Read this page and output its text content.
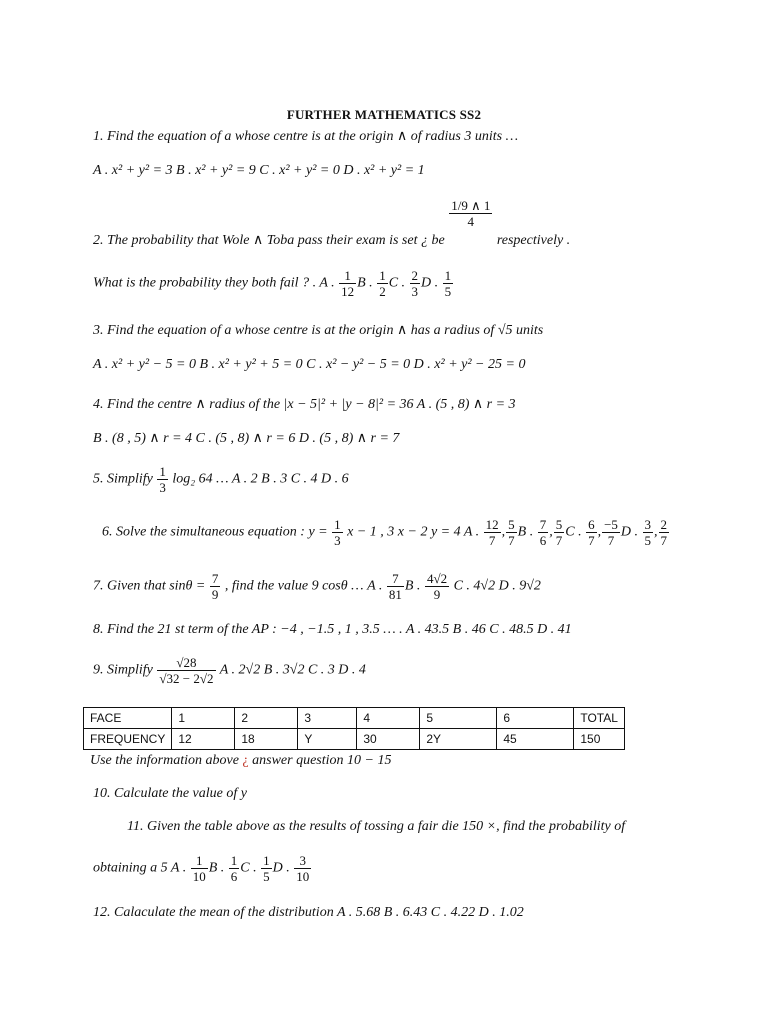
FURTHER MATHEMATICS SS2
1. Find the equation of a whose centre is at the origin ∧ of radius 3 units …
A . x² + y² = 3 B . x² + y² = 9 C . x² + y² = 0 D . x² + y² = 1
2. The probability that Wole ∧ Toba pass their exam is set ¿ be
$\frac{1/9 \wedge 1}{4}$
respectively .
What is the probability they both fail ? . A . $\frac{1}{12}$ B . $\frac{1}{2}$ C . $\frac{2}{3}$ D . $\frac{1}{5}$
3. Find the equation of a whose centre is at the origin ∧ has a radius of √5 units
A . x² + y² − 5 = 0 B . x² + y² + 5 = 0 C . x² − y² − 5 = 0 D . x² + y² − 25 = 0
4. Find the centre ∧ radius of the |x − 5|² + |y − 8|² = 36 A . (5 , 8) ∧ r = 3
B . (8 , 5) ∧ r = 4 C . (5 , 8) ∧ r = 6 D . (5 , 8) ∧ r = 7
5. Simplify $\frac{1}{3} \log_2$ 64 … A . 2 B . 3 C . 4 D . 6
6. Solve the simultaneous equation : $y = \frac{1}{3}$ x − 1 , 3 x − 2 y = 4 A . $\frac{12}{7}$ , $\frac{5}{7}$ B . $\frac{7}{6}$ , $\frac{5}{7}$ C . $\frac{6}{7}$ , $\frac{-5}{7}$ D . $\frac{3}{5}$ , $\frac{2}{7}$
7. Given that $\sin\theta = \frac{7}{9}$ , find the value 9 cosθ … A . $\frac{7}{81}$ B . $\frac{4√2}{9}$ C . 4√2 D . 9√2
8. Find the 21 st term of the AP : −4 , −1.5 , 1 , 3.5 … . A . 43.5 B . 46 C . 48.5 D . 41
9. Simplify $\frac{√28}{√32 - 2√2}$ A . 2√2 B . 3√2 C . 3 D . 4
FACE	1	2	3	4	5	6	TOTAL
FREQUENCY	12	18	Y	30	2Y	45	150
Use the information above ¿ answer question 10 − 15
10. Calculate the value of y
11. Given the table above as the results of tossing a fair die 150 ×, find the probability of
obtaining a 5 A . $\frac{1}{10}$ B . $\frac{1}{6}$ C . $\frac{1}{5}$ D . $\frac{3}{10}$
12. Calaculate the mean of the distribution A . 5.68 B . 6.43 C . 4.22 D . 1.02
